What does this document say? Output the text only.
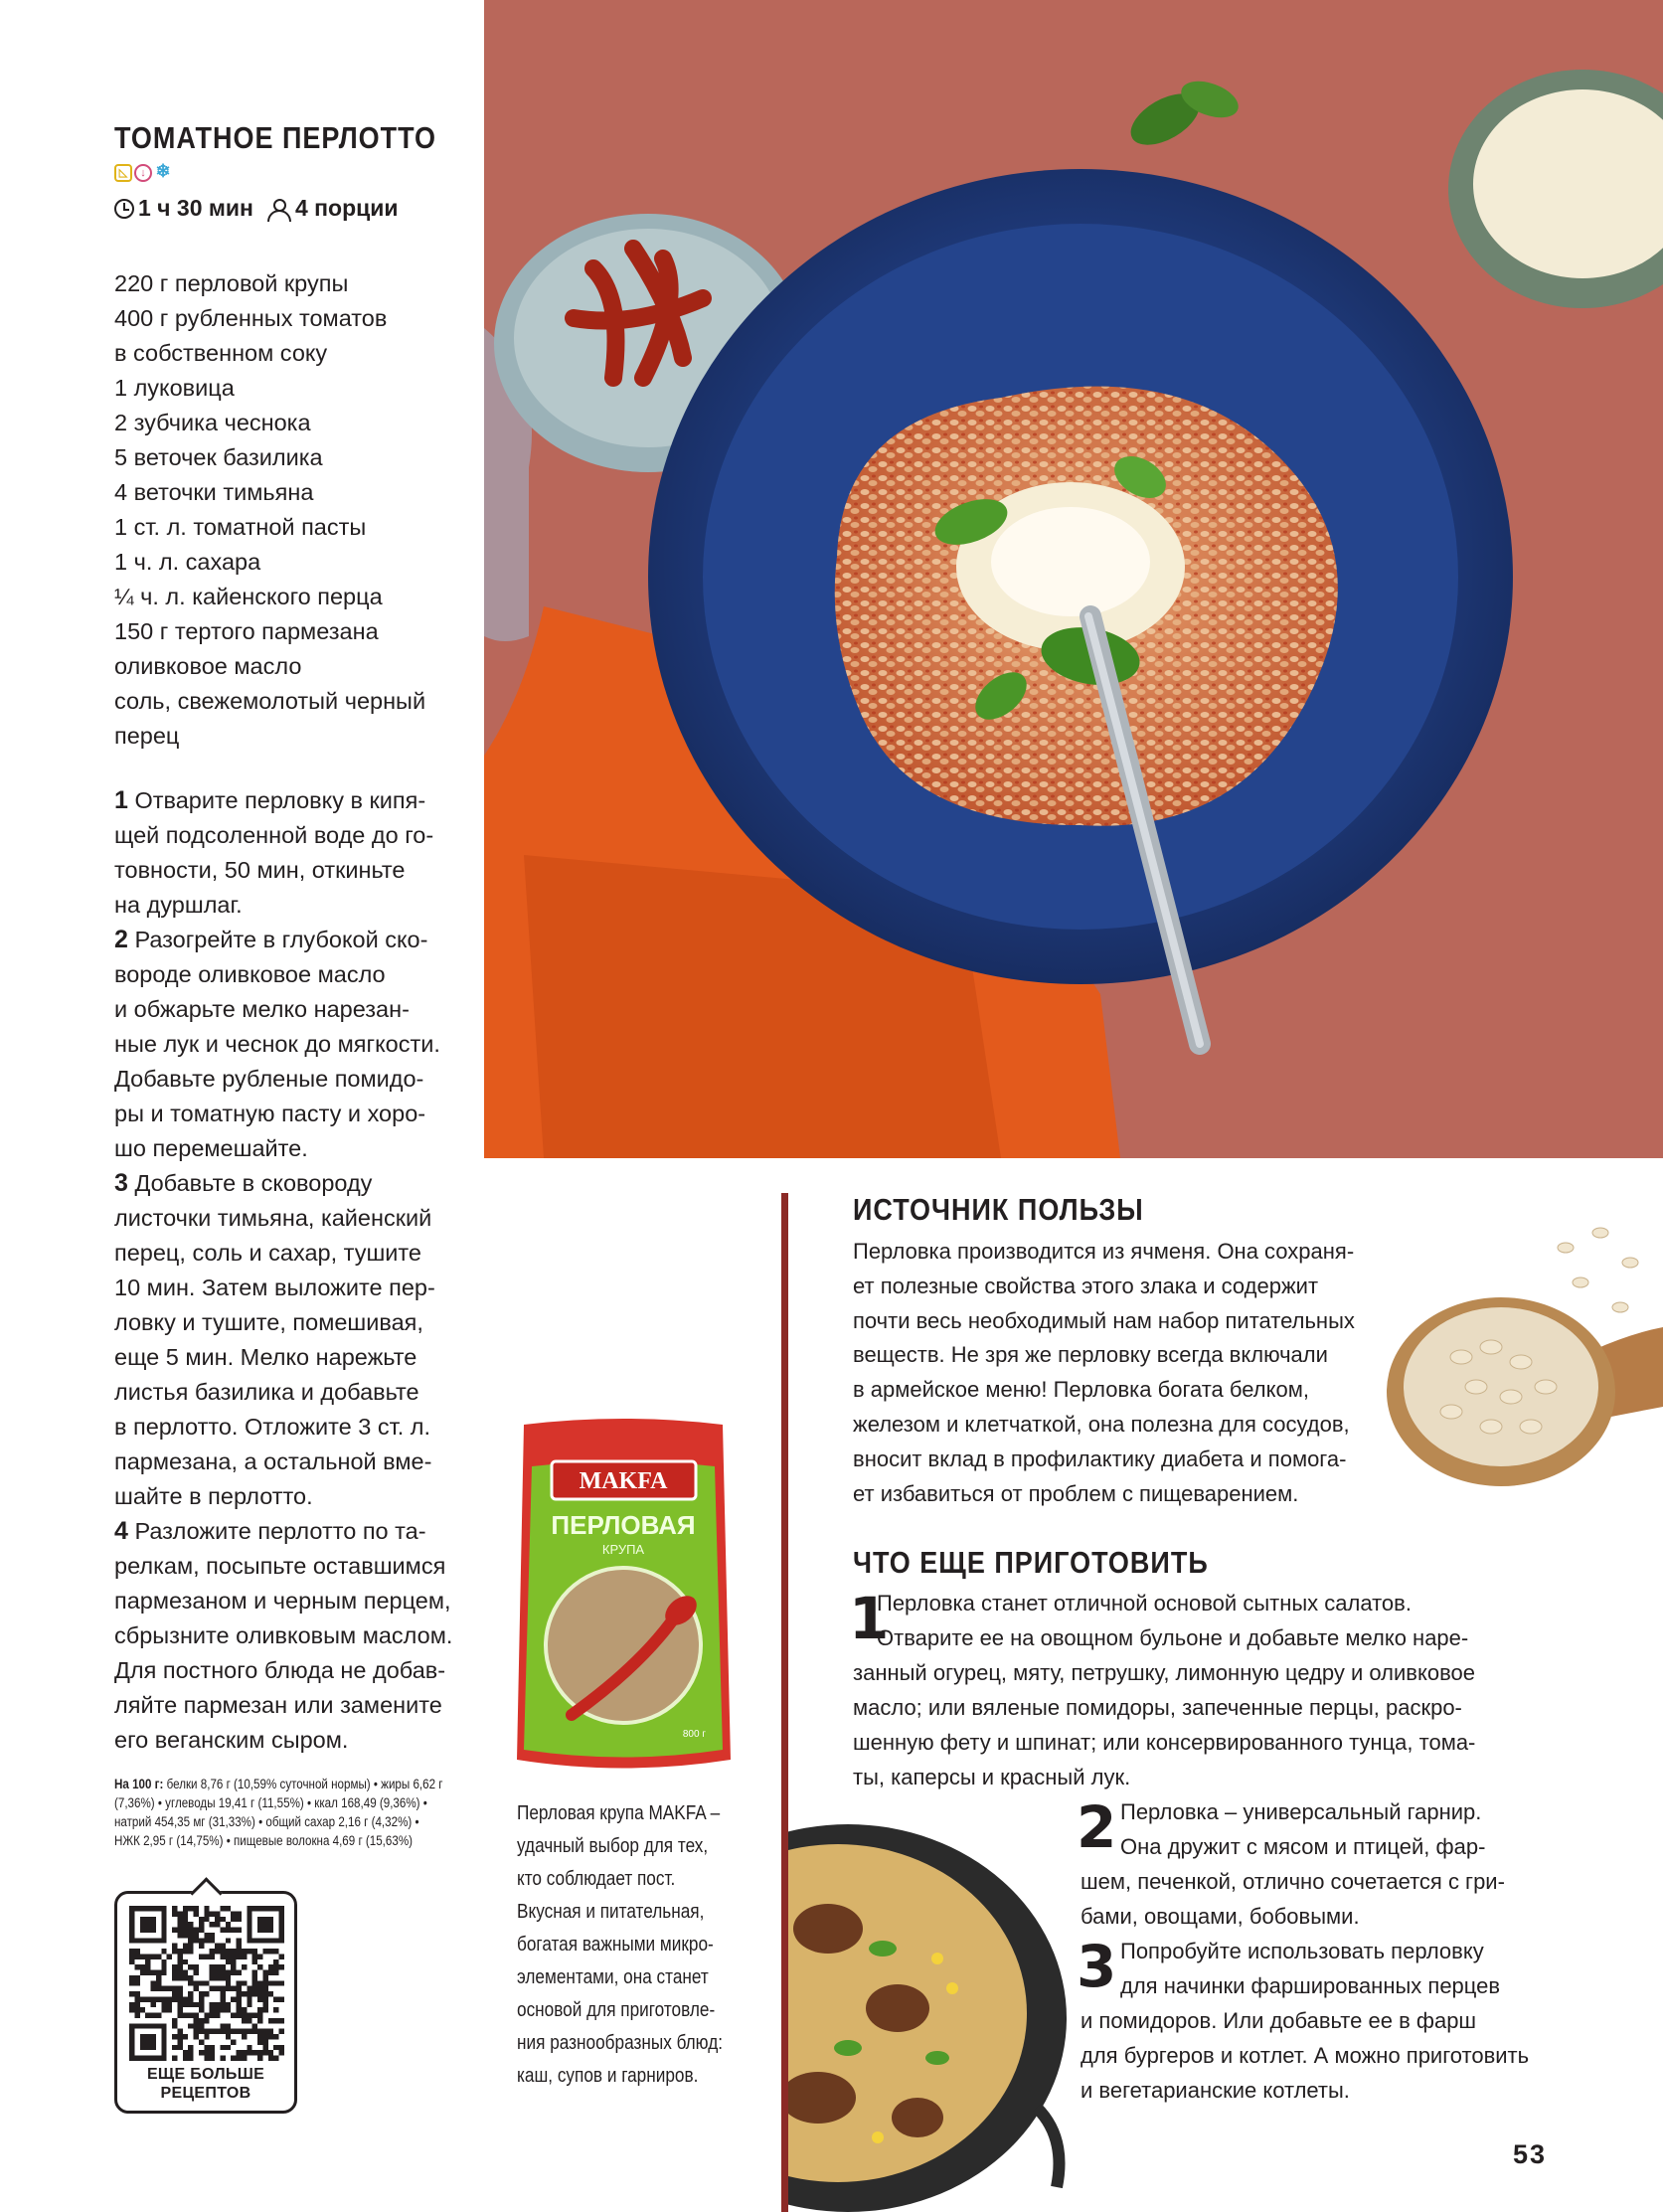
ТОМАТНОЕ ПЕРЛОТТО
◺	↓ ❄
1 ч 30 мин 4 порции
220 г перловой крупы
400 г рубленных томатов
в собственном соку
1 луковица
2 зубчика чеснока
5 веточек базилика
4 веточки тимьяна
1 ст. л. томатной пасты
1 ч. л. сахара
¼ ч. л. кайенского перца
150 г тертого пармезана
оливковое масло
соль, свежемолотый черный
перец
1 Отварите перловку в кипя-
щей подсоленной воде до го-
товности, 50 мин, откиньте
на дуршлаг.
2 Разогрейте в глубокой ско-
вороде оливковое масло
и обжарьте мелко нарезан-
ные лук и чеснок до мягкости.
Добавьте рубленые помидо-
ры и томатную пасту и хоро-
шо перемешайте.
3 Добавьте в сковороду
листочки тимьяна, кайенский
перец, соль и сахар, тушите
10 мин. Затем выложите пер-
ловку и тушите, помешивая,
еще 5 мин. Мелко нарежьте
листья базилика и добавьте
в перлотто. Отложите 3 ст. л.
пармезана, а остальной вме-
шайте в перлотто.
4 Разложите перлотто по та-
релкам, посыпьте оставшимся
пармезаном и черным перцем,
сбрызните оливковым маслом.
Для постного блюда не добав-
ляйте пармезан или замените
его веганским сыром.
На 100 г: белки 8,76 г (10,59% суточной нормы) • жиры 6,62 г
(7,36%) • углеводы 19,41 г (11,55%) • ккал 168,49 (9,36%) •
натрий 454,35 мг (31,33%) • общий сахар 2,16 г (4,32%) •
НЖК 2,95 г (14,75%) • пищевые волокна 4,69 г (15,63%)
ЕЩЕ БОЛЬШЕ
РЕЦЕПТОВ
MAKFA
ПЕРЛОВАЯ
КРУПА
800 г
Перловая крупа MAKFA –
удачный выбор для тех,
кто соблюдает пост.
Вкусная и питательная,
богатая важными микро-
элементами, она станет
основой для приготовле-
ния разнообразных блюд:
каш, супов и гарниров.
ИСТОЧНИК ПОЛЬЗЫ
Перловка производится из ячменя. Она сохраня-
ет полезные свойства этого злака и содержит
почти весь необходимый нам набор питательных
веществ. Не зря же перловку всегда включали
в армейское меню! Перловка богата белком,
железом и клетчаткой, она полезна для сосудов,
вносит вклад в профилактику диабета и помога-
ет избавиться от проблем с пищеварением.
ЧТО ЕЩЕ ПРИГОТОВИТЬ
1
Перловка станет отличной основой сытных салатов.
Отварите ее на овощном бульоне и добавьте мелко наре-
занный огурец, мяту, петрушку, лимонную цедру и оливковое
масло; или вяленые помидоры, запеченные перцы, раскро-
шенную фету и шпинат; или консервированного тунца, тома-
ты, каперсы и красный лук.
2 Перловка – универсальный гарнир.
Она дружит с мясом и птицей, фар-
шем, печенкой, отлично сочетается с гри-
бами, овощами, бобовыми.
3 Попробуйте использовать перловку
для начинки фаршированных перцев
и помидоров. Или добавьте ее в фарш
для бургеров и котлет. А можно приготовить
и вегетарианские котлеты.
53
